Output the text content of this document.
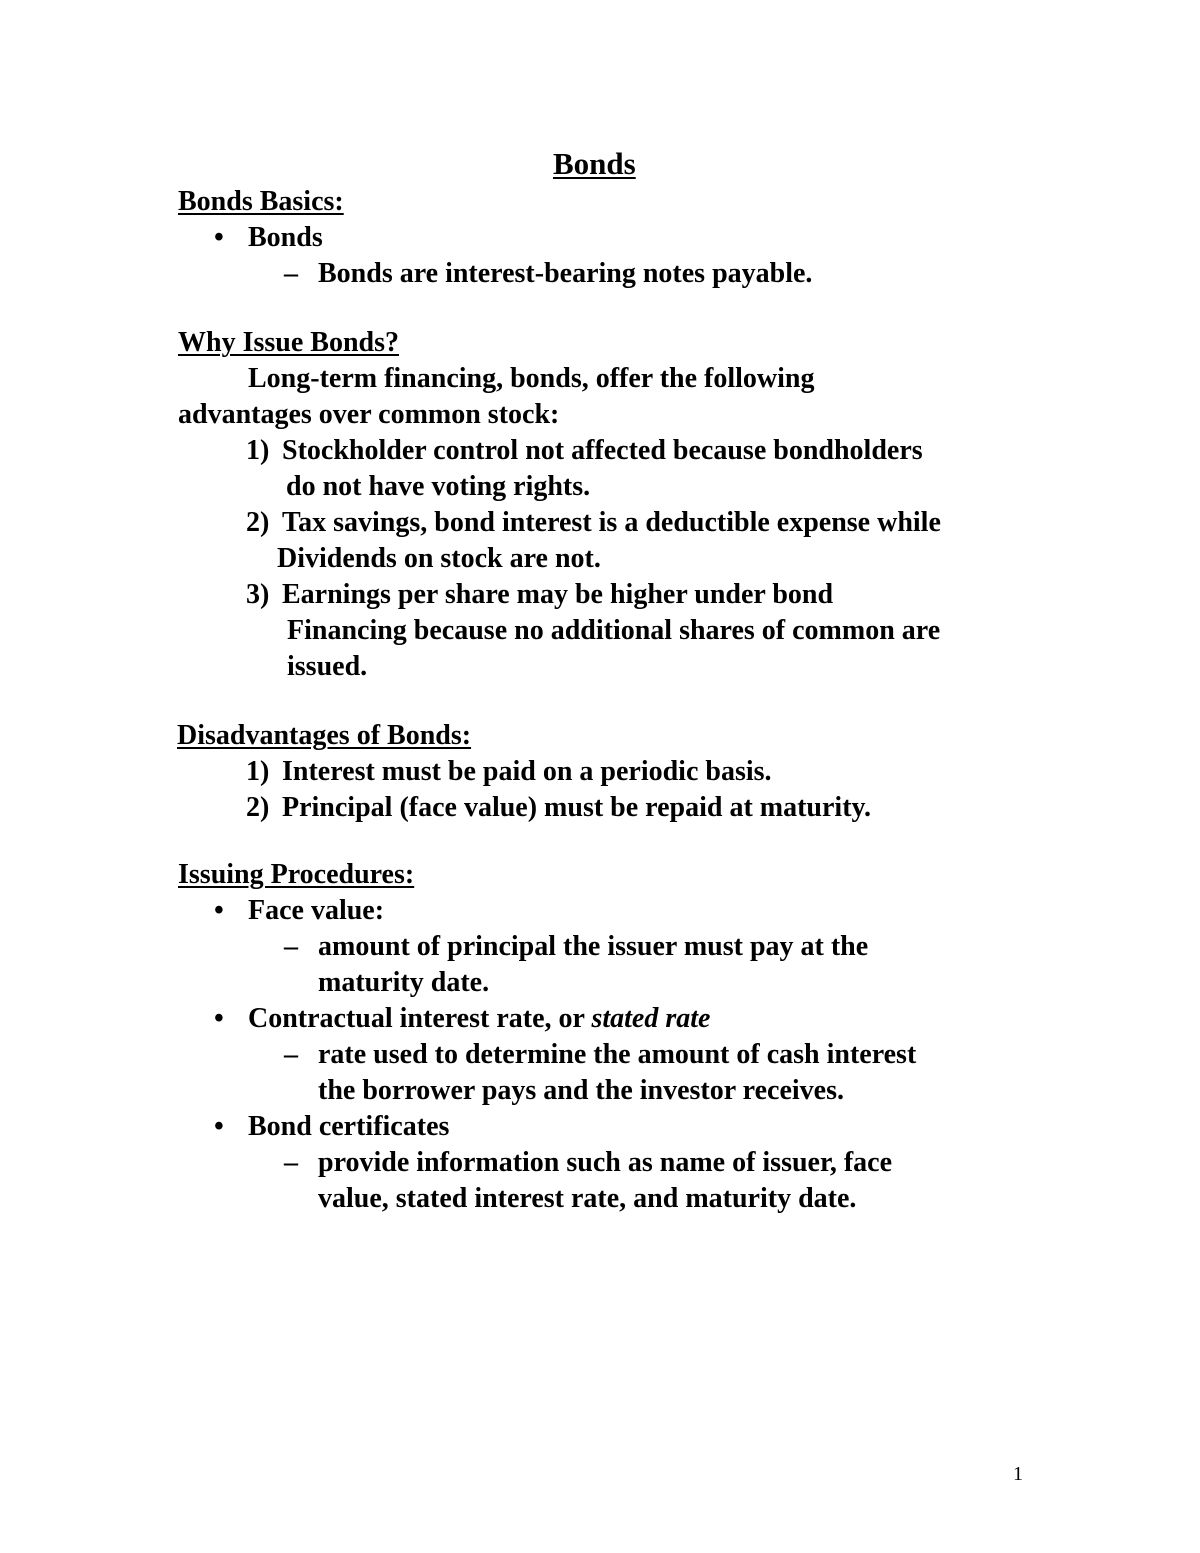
Bonds
Bonds Basics:
• Bonds
– Bonds are interest-bearing notes payable.
Why Issue Bonds?
Long-term financing, bonds, offer the following
advantages over common stock:
1) Stockholder control not affected because bondholders
do not have voting rights.
2) Tax savings, bond interest is a deductible expense while
Dividends on stock are not.
3) Earnings per share may be higher under bond
Financing because no additional shares of common are
issued.
Disadvantages of Bonds:
1) Interest must be paid on a periodic basis.
2) Principal (face value) must be repaid at maturity.
Issuing Procedures:
• Face value:
– amount of principal the issuer must pay at the
maturity date.
• Contractual interest rate, or stated rate
– rate used to determine the amount of cash interest
the borrower pays and the investor receives.
• Bond certificates
– provide information such as name of issuer, face
value, stated interest rate, and maturity date.
1
